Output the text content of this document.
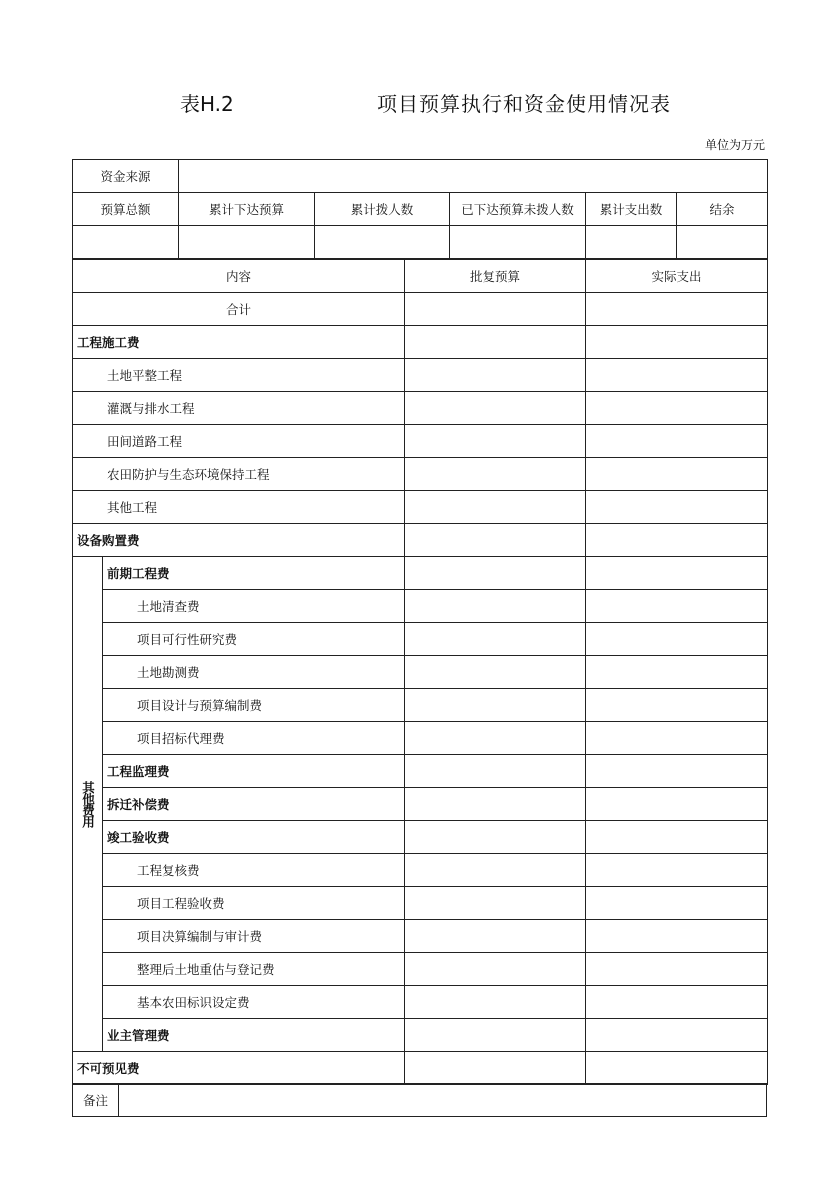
表H.2	项目预算执行和资金使用情况表
单位为万元
资金来源					
预算总额	累计下达预算	累计拨人数	已下达预算未拨人数	累计支出数	结余

内容		批复预算	实际支出
合计			
工程施工费			
土地平整工程			
灌溉与排水工程			
田间道路工程			
农田防护与生态环境保持工程			
其他工程			
设备购置费			
其他费用	前期工程费		
	土地清查费		
	项目可行性研究费		
	土地勘测费		
	项目设计与预算编制费		
	项目招标代理费		
	工程监理费		
	拆迁补偿费		
	竣工验收费		
	工程复核费		
	项目工程验收费		
	项目决算编制与审计费		
	整理后土地重估与登记费		
	基本农田标识设定费		
	业主管理费		
不可预见费			
备注	
